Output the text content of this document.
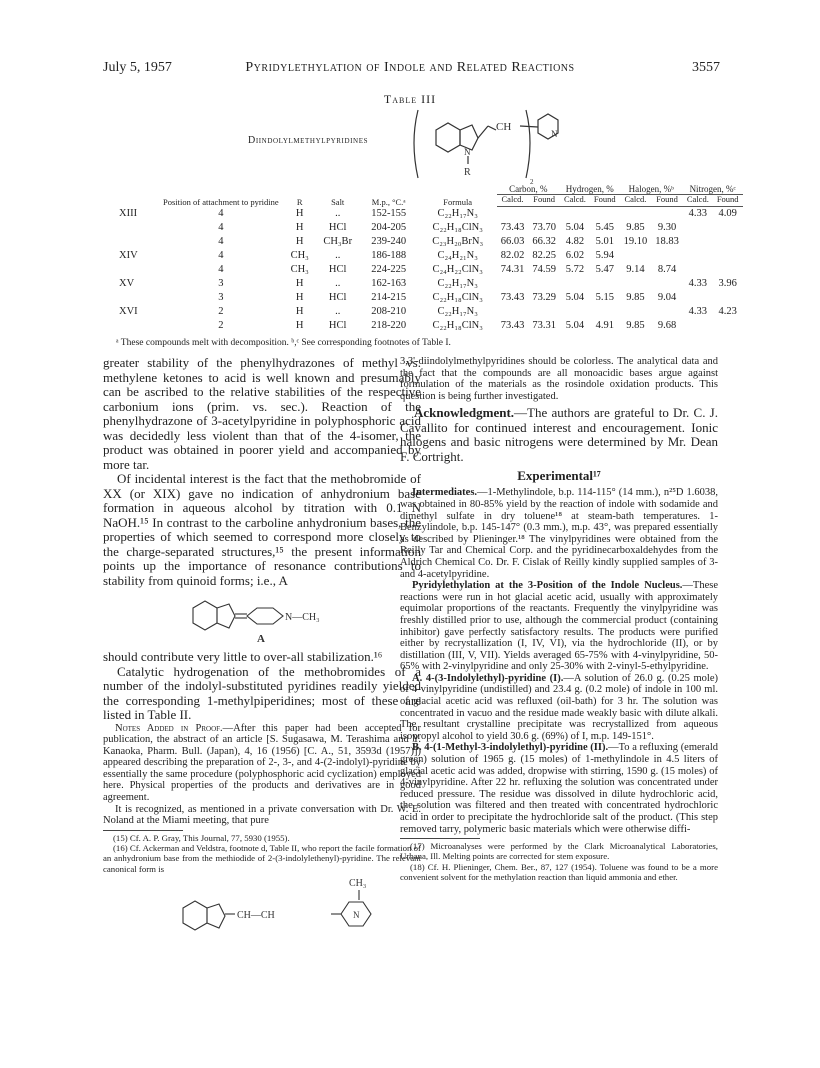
July 5, 1957	Pyridylethylation of Indole and Related Reactions	3557
Table III
Diindolylmethylpyridines
CH
N
N
R
2
	Position of attachment to pyridine	R	Salt	M.p., °C.ᵃ	Formula	Carbon, %		Hydrogen, %		Halogen, %ᵇ		Nitrogen, %ᶜ	
						Calcd.	Found	Calcd.	Found	Calcd.	Found	Calcd.	Found
XIII	4	H	..	152-155	C₂₂H₁₇N₃							4.33	4.09
	4	H	HCl	204-205	C₂₂H₁₈ClN₃	73.43	73.70	5.04	5.45	9.85	9.30		
	4	H	CH₃Br	239-240	C₂₃H₂₀BrN₃	66.03	66.32	4.82	5.01	19.10	18.83		
XIV	4	CH₃	..	186-188	C₂₄H₂₁N₃	82.02	82.25	6.02	5.94				
	4	CH₃	HCl	224-225	C₂₄H₂₂ClN₃	74.31	74.59	5.72	5.47	9.14	8.74		
XV	3	H	..	162-163	C₂₂H₁₇N₃							4.33	3.96
	3	H	HCl	214-215	C₂₂H₁₈ClN₃	73.43	73.29	5.04	5.15	9.85	9.04		
XVI	2	H	..	208-210	C₂₂H₁₇N₃							4.33	4.23
	2	H	HCl	218-220	C₂₂H₁₈ClN₃	73.43	73.31	5.04	4.91	9.85	9.68		
ᵃ These compounds melt with decomposition. ᵇ,ᶜ See corresponding footnotes of Table I.

greater stability of the phenylhydrazones of methyl vs. methylene ketones to acid is well known and presumably can be ascribed to the relative stabilities of the respective carbonium ions (prim. vs. sec.). Reaction of the phenylhydrazone of 3-acetylpyridine in polyphosphoric acid was decidedly less violent than that of the 4-isomer, the product was obtained in poorer yield and accompanied by more tar.

Of incidental interest is the fact that the methobromide of XX (or XIX) gave no indication of anhydronium base formation in aqueous alcohol by titration with 0.1 N NaOH.¹⁵ In contrast to the carboline anhydronium bases, the properties of which seemed to correspond more closely to the charge-separated structures,¹⁵ the present information points up the importance of resonance contributions to stability from quinoid forms; i.e., A

N—CH₃
A

should contribute very little to over-all stabilization.¹⁶

Catalytic hydrogenation of the methobromides of a number of the indolyl-substituted pyridines readily yielded the corresponding 1-methylpiperidines; most of these are listed in Table II.

Notes Added in Proof.—After this paper had been accepted for publication, the abstract of an article [S. Sugasawa, M. Terashima and Y. Kanaoka, Pharm. Bull. (Japan), 4, 16 (1956) [C. A., 51, 3593d (1957)]) appeared describing the preparation of 2-, 3-, and 4-(2-indolyl)-pyridine by essentially the same procedure (polyphosphoric acid cyclization) employed here. Physical properties of the products and derivatives are in good agreement.

It is recognized, as mentioned in a private conversation with Dr. W. E. Noland at the Miami meeting, that pure

(15) Cf. A. P. Gray, This Journal, 77, 5930 (1955).

(16) Cf. Ackerman and Veldstra, footnote d, Table II, who report the facile formation of an anhydronium base from the methiodide of 2-(3-indolylethenyl)-pyridine. The relevant canonical form is

CH₃
CH—CH	N

3,3'-diindolylmethylpyridines should be colorless. The analytical data and the fact that the compounds are all monoacidic bases argue against formulation of the materials as the rosindole oxidation products. This question is being further investigated.

Acknowledgment.—The authors are grateful to Dr. C. J. Cavallito for continued interest and encouragement. Ionic halogens and basic nitrogens were determined by Mr. Dean F. Cortright.

Experimental¹⁷

Intermediates.—1-Methylindole, b.p. 114-115° (14 mm.), n²⁵D 1.6038, was obtained in 80-85% yield by the reaction of indole with sodamide and dimethyl sulfate in dry toluene¹⁸ at steam-bath temperatures. 1-Benzylindole, b.p. 145-147° (0.3 mm.), m.p. 43°, was prepared essentially as described by Plieninger.¹⁸ The vinylpyridines were obtained from the Reilly Tar and Chemical Corp. and the pyridinecarboxaldehydes from the Aldrich Chemical Co. Dr. F. Cislak of Reilly kindly supplied samples of 3- and 4-acetylpyridine.

Pyridylethylation at the 3-Position of the Indole Nucleus.—These reactions were run in hot glacial acetic acid, usually with approximately equimolar proportions of the reactants. Frequently the vinylpyridine was freshly distilled prior to use, although the commercial product (containing inhibitor) gave perfectly satisfactory results. The products were purified either by recrystallization (I, IV, VI), via the hydrochloride (II), or by distillation (III, V, VII). Yields averaged 65-75% with 4-vinylpyridine, 50-65% with 2-vinylpyridine and only 25-30% with 2-vinyl-5-ethylpyridine.

A. 4-(3-Indolylethyl)-pyridine (I).—A solution of 26.0 g. (0.25 mole) of 4-vinylpyridine (undistilled) and 23.4 g. (0.2 mole) of indole in 100 ml. of glacial acetic acid was refluxed (oil-bath) for 3 hr. The solution was concentrated in vacuo and the residue made weakly basic with dilute alkali. The resultant crystalline precipitate was recrystallized from aqueous isopropyl alcohol to yield 30.6 g. (69%) of I, m.p. 149-151°.

B. 4-(1-Methyl-3-indolylethyl)-pyridine (II).—To a refluxing (emerald green) solution of 1965 g. (15 moles) of 1-methylindole in 4.5 liters of glacial acetic acid was added, dropwise with stirring, 1590 g. (15 moles) of 4-vinylpyridine. After 22 hr. refluxing the solution was concentrated under reduced pressure. The residue was dissolved in dilute hydrochloric acid, the solution was filtered and then treated with concentrated hydrochloric acid in order to precipitate the hydrochloride salt of the product. (This step removed tarry, polymeric basic materials which were otherwise diffi-

(17) Microanalyses were performed by the Clark Microanalytical Laboratories, Urbana, Ill. Melting points are corrected for stem exposure.

(18) Cf. H. Plieninger, Chem. Ber., 87, 127 (1954). Toluene was found to be a more convenient solvent for the methylation reaction than liquid ammonia and ether.
